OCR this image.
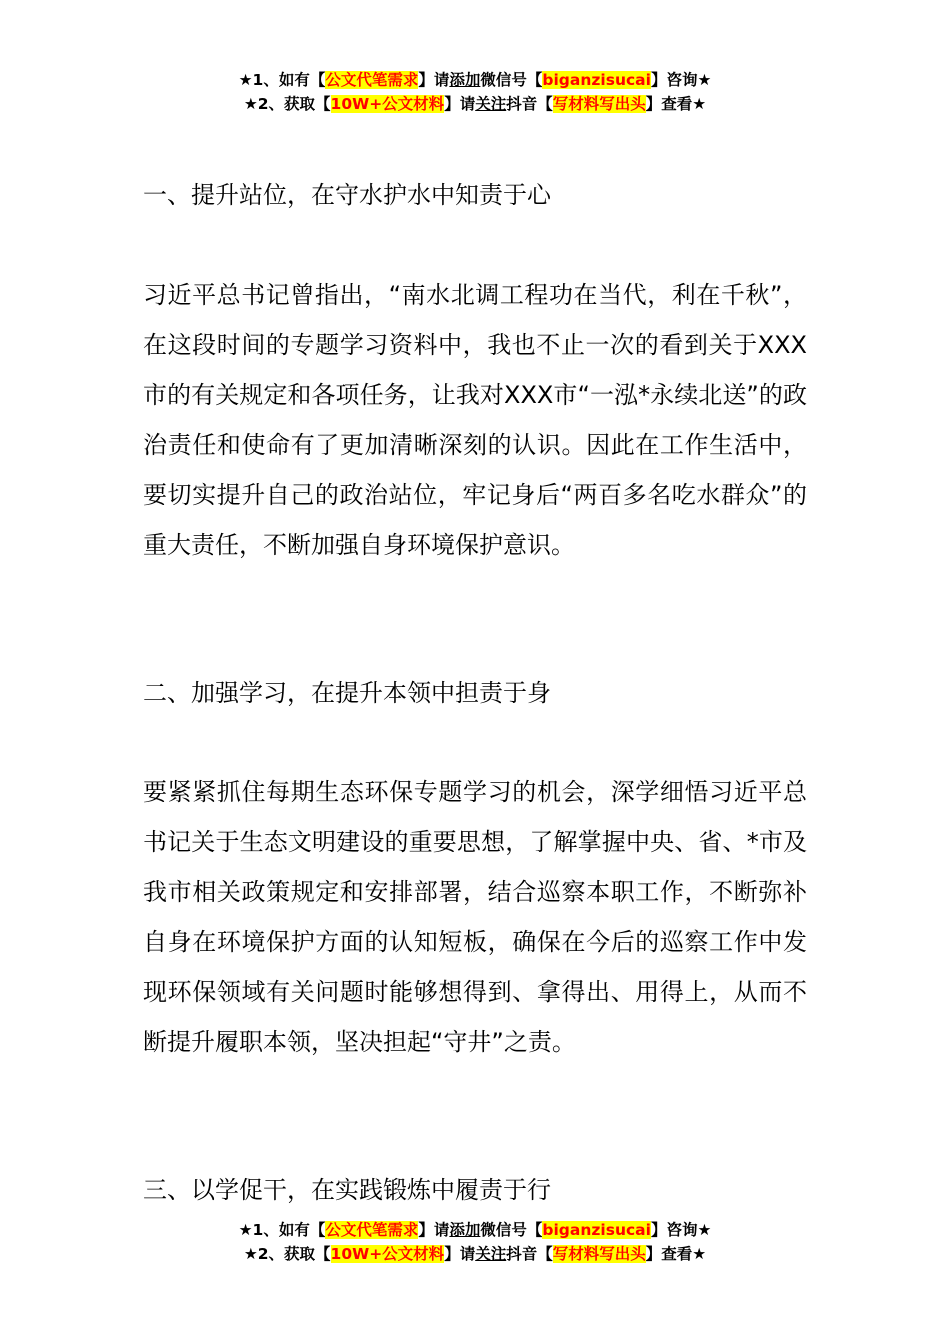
★1、如有【公文代笔需求】请添加微信号【biganzisucai】咨询★
★2、获取【10W+公文材料】请关注抖音【写材料写出头】查看★

一、提升站位，在守水护水中知责于心

习近平总书记曾指出，“南水北调工程功在当代，利在千秋”，在这段时间的专题学习资料中，我也不止一次的看到关于XXX市的有关规定和各项任务，让我对XXX市“一泓*永续北送”的政治责任和使命有了更加清晰深刻的认识。因此在工作生活中，要切实提升自己的政治站位，牢记身后“两百多名吃水群众”的重大责任，不断加强自身环境保护意识。

二、加强学习，在提升本领中担责于身

要紧紧抓住每期生态环保专题学习的机会，深学细悟习近平总书记关于生态文明建设的重要思想，了解掌握中央、省、*市及我市相关政策规定和安排部署，结合巡察本职工作，不断弥补自身在环境保护方面的认知短板，确保在今后的巡察工作中发现环保领域有关问题时能够想得到、拿得出、用得上，从而不断提升履职本领，坚决担起“守井”之责。

三、以学促干，在实践锻炼中履责于行

★1、如有【公文代笔需求】请添加微信号【biganzisucai】咨询★
★2、获取【10W+公文材料】请关注抖音【写材料写出头】查看★
